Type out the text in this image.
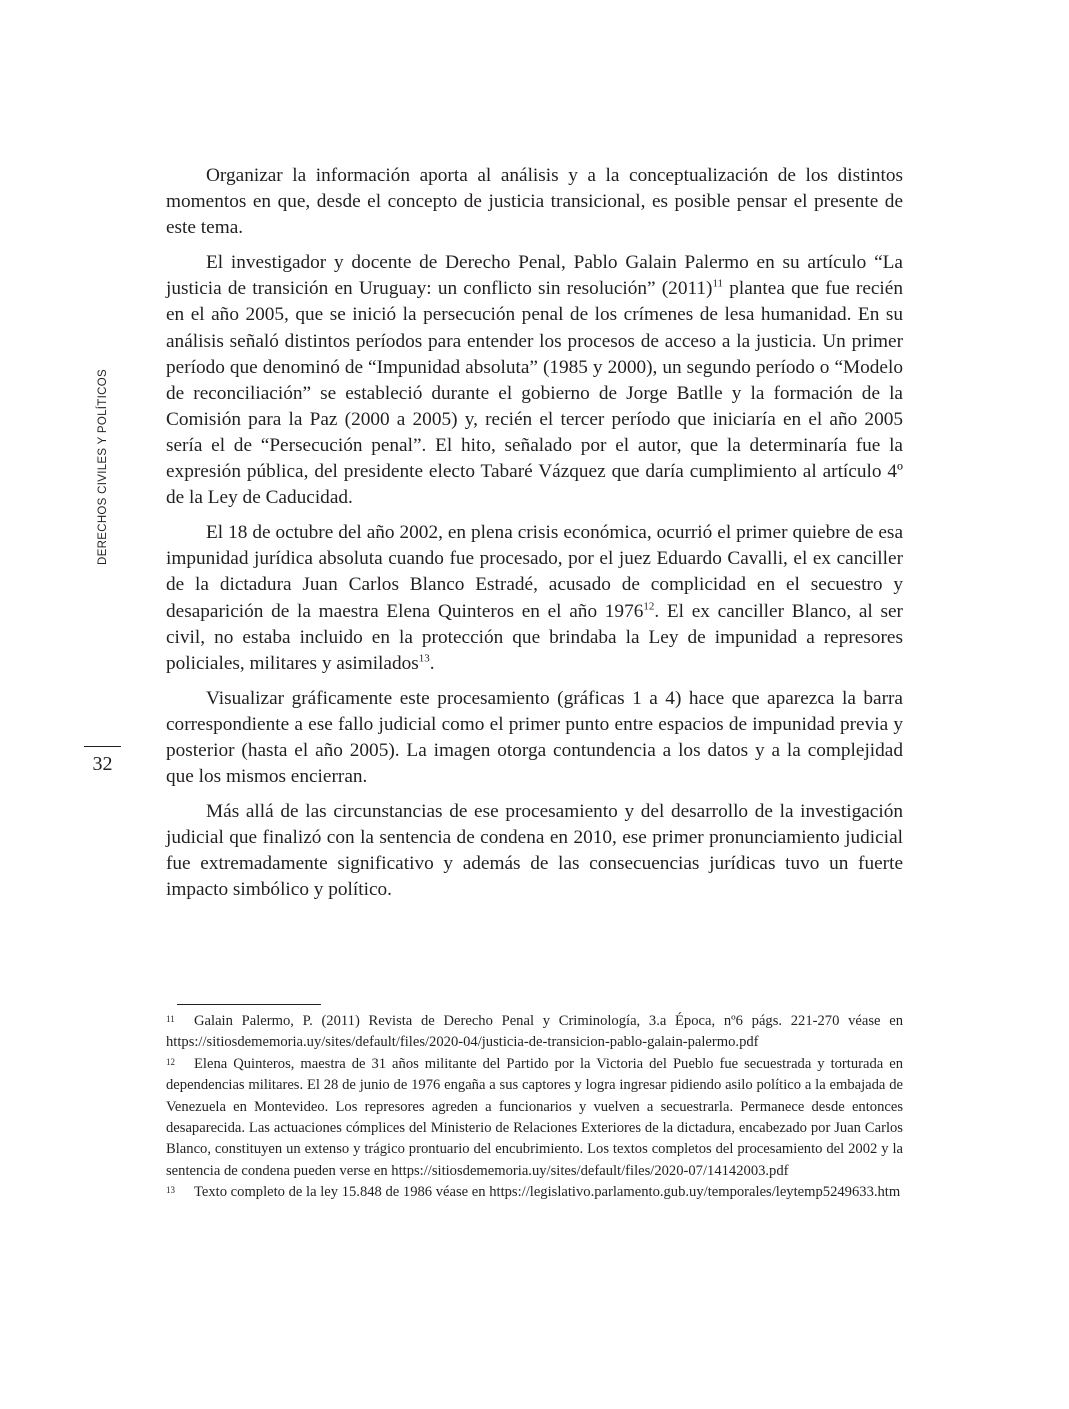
DERECHOS CIVILES Y POLÍTICOS
32

Organizar la información aporta al análisis y a la conceptualización de los distintos momentos en que, desde el concepto de justicia transicional, es posible pensar el presente de este tema.

El investigador y docente de Derecho Penal, Pablo Galain Palermo en su artículo “La justicia de transición en Uruguay: un conflicto sin resolución” $(2011)^{11}$ plantea que fue recién en el año 2005, que se inició la persecución penal de los crímenes de lesa humanidad. En su análisis señaló distintos períodos para entender los procesos de acceso a la justicia. Un primer período que denominó de “Impunidad absoluta” (1985 y 2000), un segundo período o “Modelo de reconciliación” se estableció durante el gobierno de Jorge Batlle y la formación de la Comisión para la Paz (2000 a 2005) y, recién el tercer período que iniciaría en el año 2005 sería el de “Persecución penal”. El hito, señalado por el autor, que la determinaría fue la expresión pública, del presidente electo Tabaré Vázquez que daría cumplimiento al artículo 4º de la Ley de Caducidad.

El 18 de octubre del año 2002, en plena crisis económica, ocurrió el primer quiebre de esa impunidad jurídica absoluta cuando fue procesado, por el juez Eduardo Cavalli, el ex canciller de la dictadura Juan Carlos Blanco Estradé, acusado de complicidad en el secuestro y desaparición de la maestra Elena Quinteros en el año 1976$^{12}$. El ex canciller Blanco, al ser civil, no estaba incluido en la protección que brindaba la Ley de impunidad a represores policiales, militares y asimilados$^{13}$.

Visualizar gráficamente este procesamiento (gráficas 1 a 4) hace que aparezca la barra correspondiente a ese fallo judicial como el primer punto entre espacios de impunidad previa y posterior (hasta el año 2005). La imagen otorga contundencia a los datos y a la complejidad que los mismos encierran.

Más allá de las circunstancias de ese procesamiento y del desarrollo de la investigación judicial que finalizó con la sentencia de condena en 2010, ese primer pronunciamiento judicial fue extremadamente significativo y además de las consecuencias jurídicas tuvo un fuerte impacto simbólico y político.

11 Galain Palermo, P. (2011) Revista de Derecho Penal y Criminología, 3.a Época, nº6 págs. 221-270 véase en https://sitiosdememoria.uy/sites/default/files/2020-04/justicia-de-transicion-pablo-galain-palermo.pdf

12 Elena Quinteros, maestra de 31 años militante del Partido por la Victoria del Pueblo fue secuestrada y torturada en dependencias militares. El 28 de junio de 1976 engaña a sus captores y logra ingresar pidiendo asilo político a la embajada de Venezuela en Montevideo. Los represores agreden a funcionarios y vuelven a secuestrarla. Permanece desde entonces desaparecida. Las actuaciones cómplices del Ministerio de Relaciones Exteriores de la dictadura, encabezado por Juan Carlos Blanco, constituyen un extenso y trágico prontuario del encubrimiento. Los textos completos del procesamiento del 2002 y la sentencia de condena pueden verse en https://sitiosdememoria.uy/sites/default/files/2020-07/14142003.pdf

13 Texto completo de la ley 15.848 de 1986 véase en https://legislativo.parlamento.gub.uy/temporales/leytemp5249633.htm
